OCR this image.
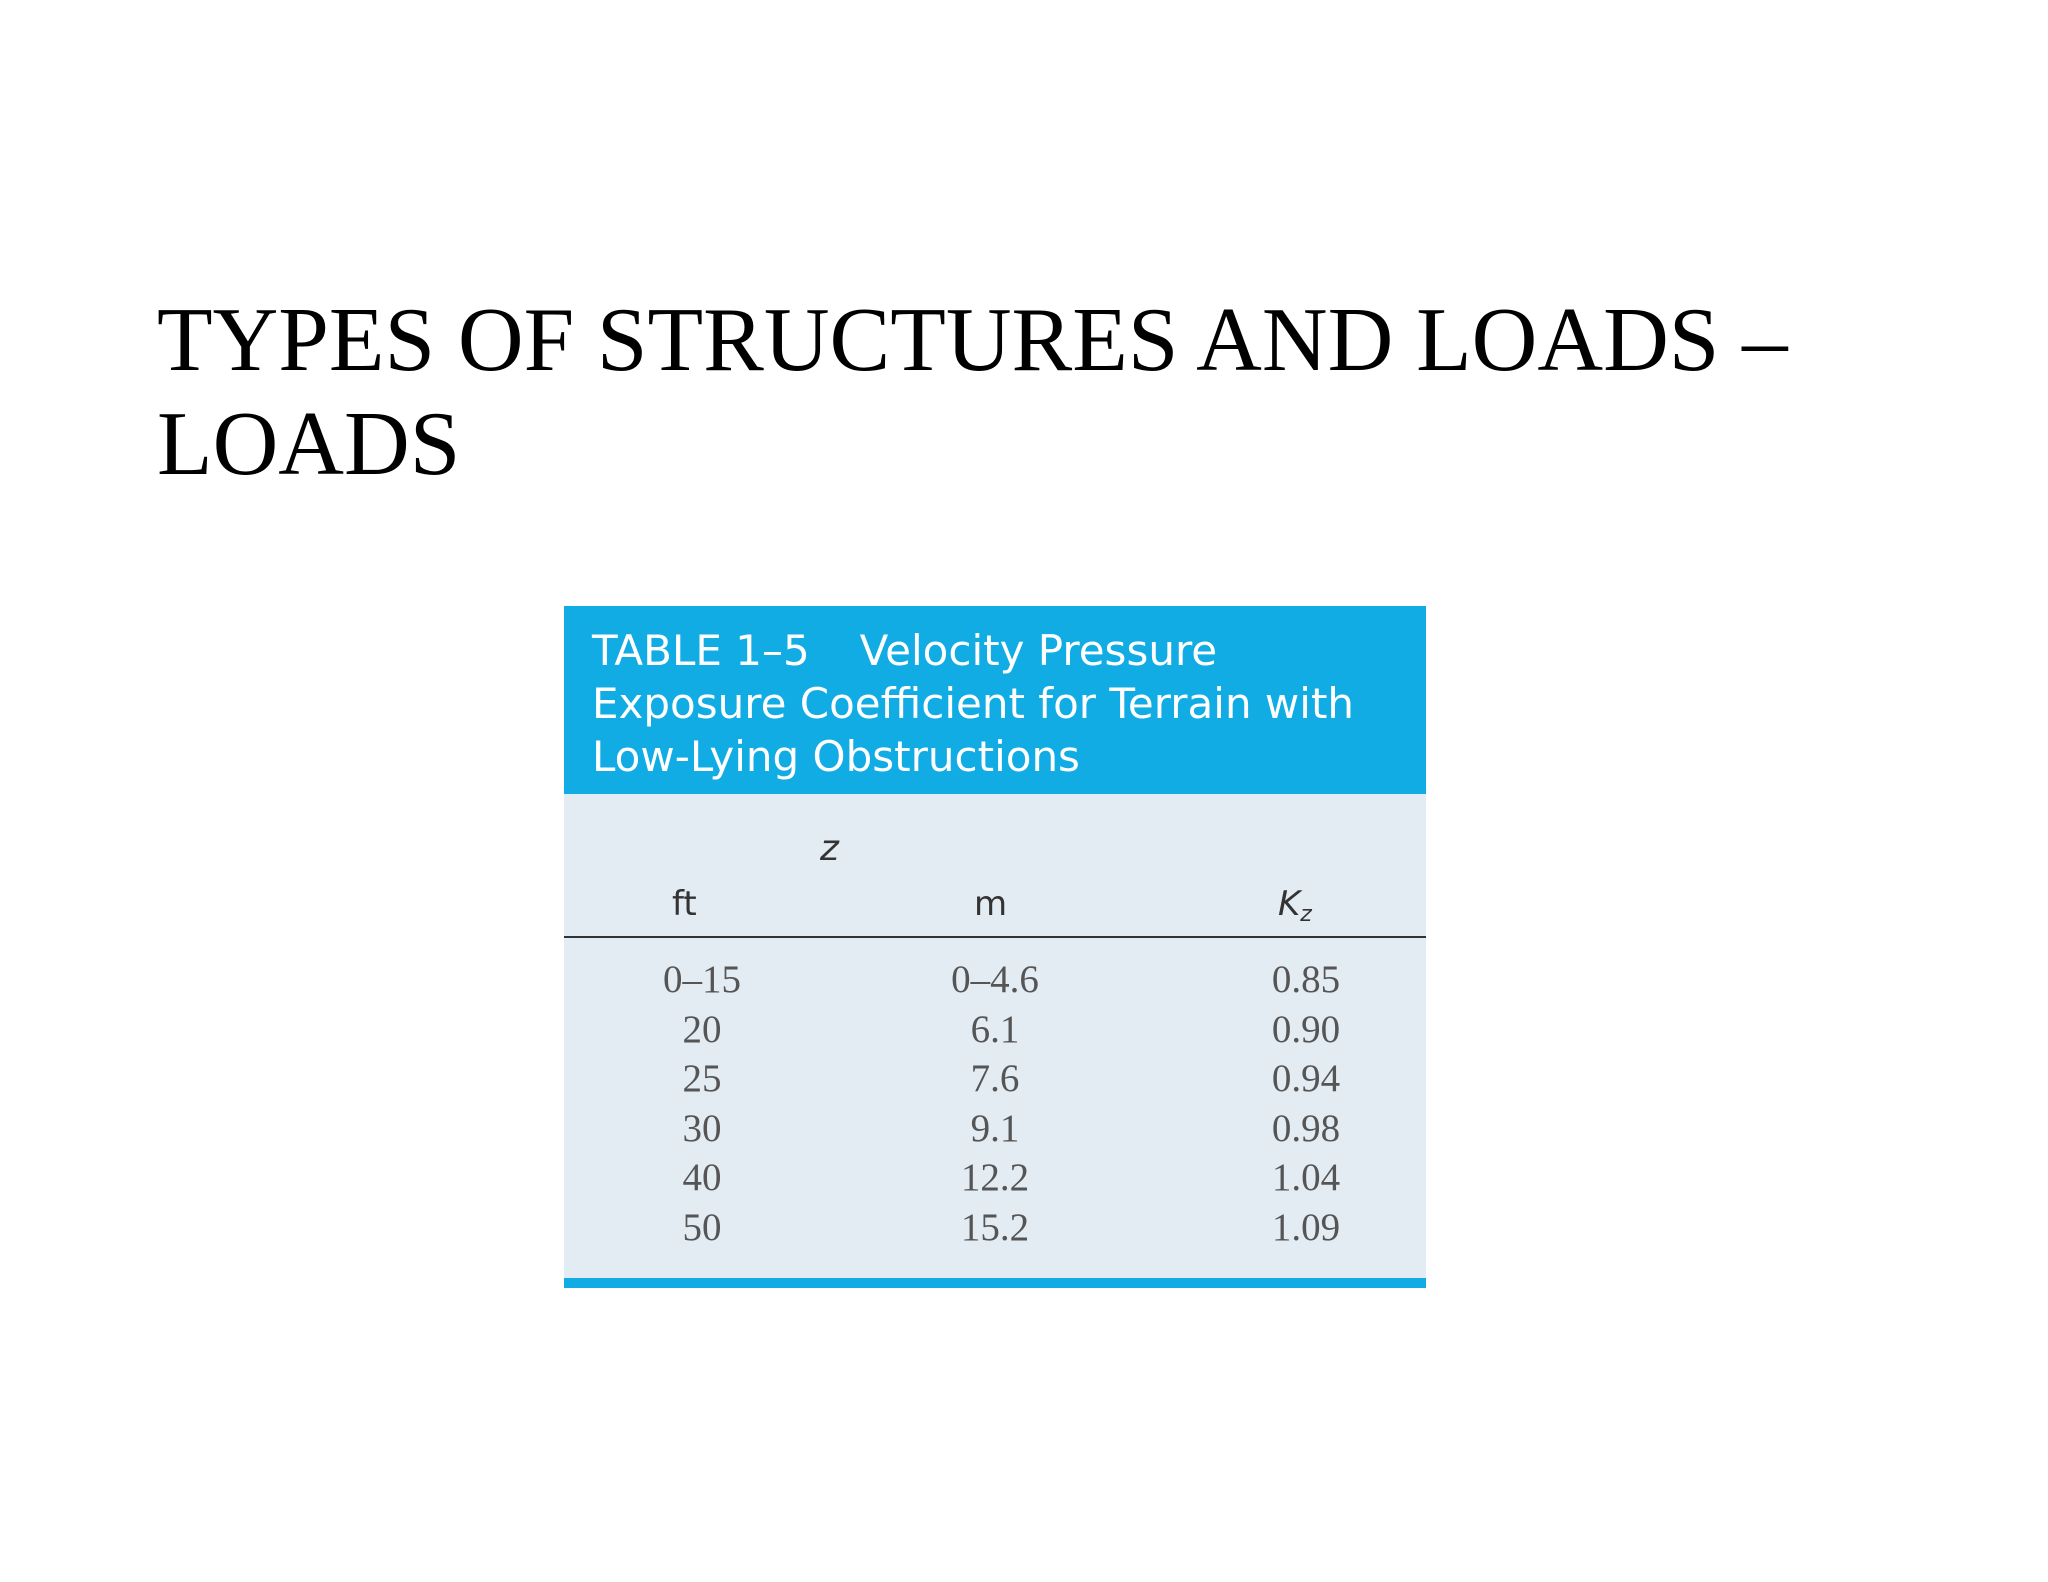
TYPES OF STRUCTURES AND LOADS –
LOADS
TABLE 1–5 Velocity Pressure
Exposure Coefficient for Terrain with
Low-Lying Obstructions
z
ft	m	$K_z$
0–15	0–4.6	0.85
20	6.1	0.90
25	7.6	0.94
30	9.1	0.98
40	12.2	1.04
50	15.2	1.09
